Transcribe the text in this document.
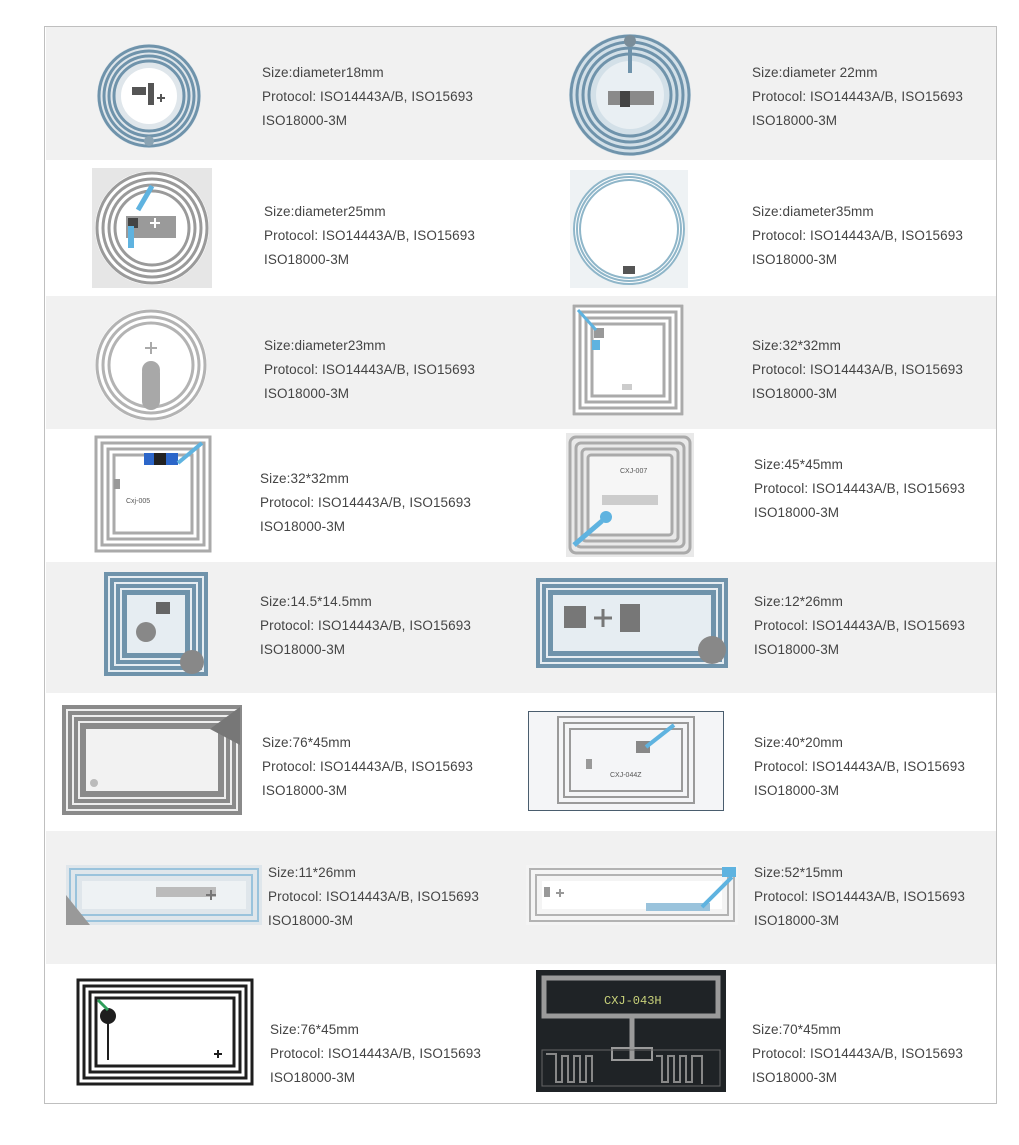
Size:diameter18mm
Protocol: ISO14443A/B, ISO15693
ISO18000-3M
Size:diameter 22mm
Protocol: ISO14443A/B, ISO15693
ISO18000-3M
Size:diameter25mm
Protocol: ISO14443A/B, ISO15693
ISO18000-3M
Size:diameter35mm
Protocol: ISO14443A/B, ISO15693
ISO18000-3M
Size:diameter23mm
Protocol: ISO14443A/B, ISO15693
ISO18000-3M
Size:32*32mm
Protocol: ISO14443A/B, ISO15693
ISO18000-3M
Cxj-005
Size:32*32mm
Protocol: ISO14443A/B, ISO15693
ISO18000-3M
CXJ-007	Size:45*45mm
Protocol: ISO14443A/B, ISO15693
ISO18000-3M
Size:14.5*14.5mm
Protocol: ISO14443A/B, ISO15693
ISO18000-3M
Size:12*26mm
Protocol: ISO14443A/B, ISO15693
ISO18000-3M
Size:76*45mm
Protocol: ISO14443A/B, ISO15693
ISO18000-3M
CXJ-044Z
Size:40*20mm
Protocol: ISO14443A/B, ISO15693
ISO18000-3M
Size:11*26mm
Protocol: ISO14443A/B, ISO15693
ISO18000-3M
Size:52*15mm
Protocol: ISO14443A/B, ISO15693
ISO18000-3M
Size:76*45mm
Protocol: ISO14443A/B, ISO15693
ISO18000-3M
CXJ-043H
Size:70*45mm
Protocol: ISO14443A/B, ISO15693
ISO18000-3M
